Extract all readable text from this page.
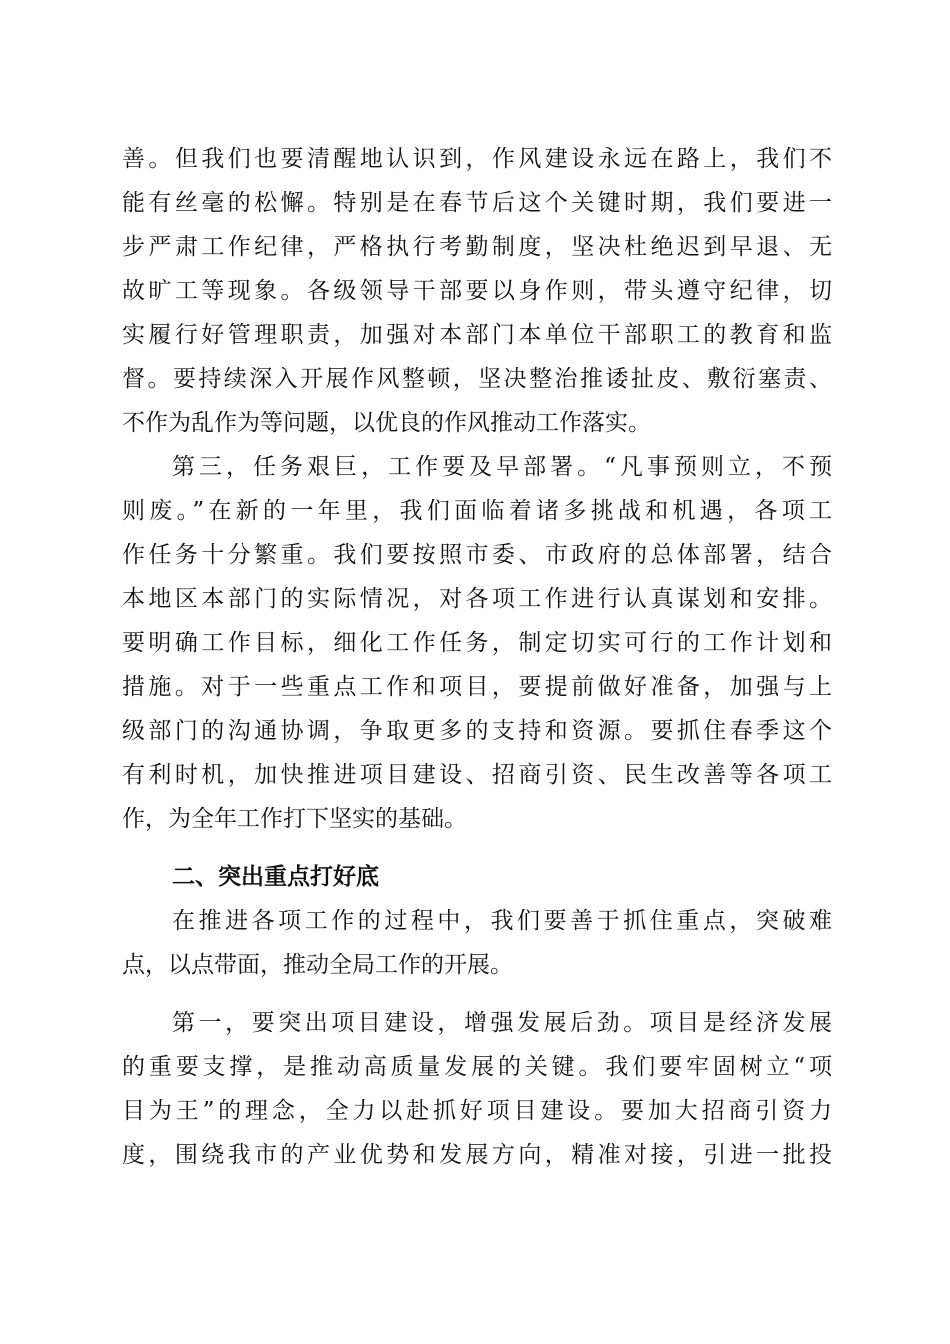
善。但我们也要清醒地认识到，作风建设永远在路上，我们不
能有丝毫的松懈。特别是在春节后这个关键时期，我们要进一
步严肃工作纪律，严格执行考勤制度，坚决杜绝迟到早退、无
故旷工等现象。各级领导干部要以身作则，带头遵守纪律，切
实履行好管理职责，加强对本部门本单位干部职工的教育和监
督。要持续深入开展作风整顿，坚决整治推诿扯皮、敷衍塞责、
不作为乱作为等问题，以优良的作风推动工作落实。
第三，任务艰巨，工作要及早部署。“凡事预则立，不预
则废。”在新的一年里，我们面临着诸多挑战和机遇，各项工
作任务十分繁重。我们要按照市委、市政府的总体部署，结合
本地区本部门的实际情况，对各项工作进行认真谋划和安排。
要明确工作目标，细化工作任务，制定切实可行的工作计划和
措施。对于一些重点工作和项目，要提前做好准备，加强与上
级部门的沟通协调，争取更多的支持和资源。要抓住春季这个
有利时机，加快推进项目建设、招商引资、民生改善等各项工
作，为全年工作打下坚实的基础。
二、突出重点打好底
在推进各项工作的过程中，我们要善于抓住重点，突破难
点，以点带面，推动全局工作的开展。
第一，要突出项目建设，增强发展后劲。项目是经济发展
的重要支撑，是推动高质量发展的关键。我们要牢固树立“项
目为王”的理念，全力以赴抓好项目建设。要加大招商引资力
度，围绕我市的产业优势和发展方向，精准对接，引进一批投
